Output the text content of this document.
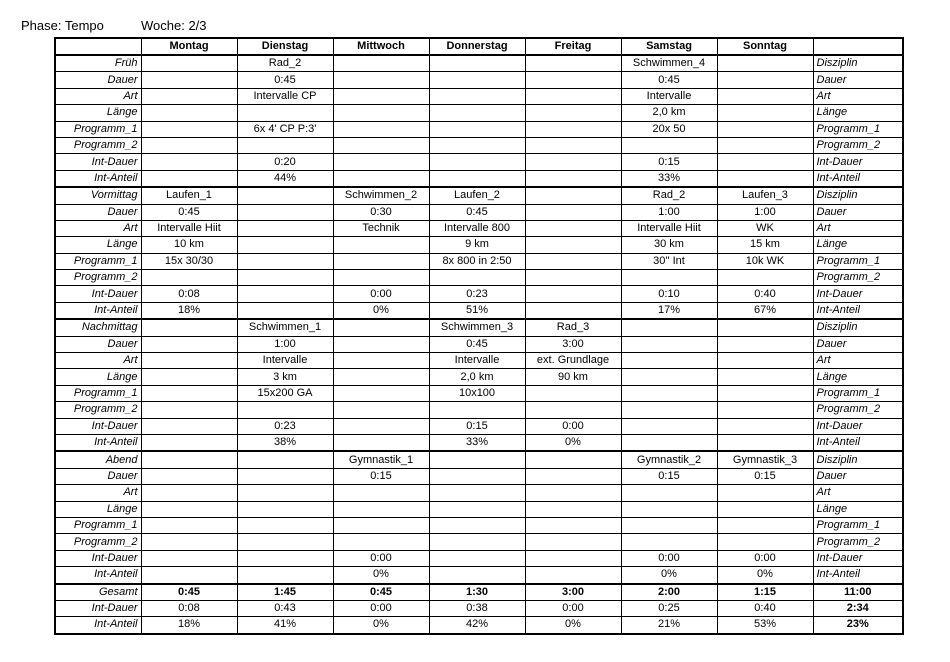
Phase: Tempo	Woche: 2/3
	Montag	Dienstag	Mittwoch	Donnerstag	Freitag	Samstag	Sonntag	
Früh		Rad_2				Schwimmen_4		Disziplin
Dauer		0:45				0:45		Dauer
Art		Intervalle CP				Intervalle		Art
Länge						2,0 km		Länge
Programm_1		6x 4' CP P:3'				20x 50		Programm_1
Programm_2								Programm_2
Int-Dauer		0:20				0:15		Int-Dauer
Int-Anteil		44%				33%		Int-Anteil
Vormittag	Laufen_1		Schwimmen_2	Laufen_2		Rad_2	Laufen_3	Disziplin
Dauer	0:45		0:30	0:45		1:00	1:00	Dauer
Art	Intervalle Hiit		Technik	Intervalle 800		Intervalle Hiit	WK	Art
Länge	10 km			9 km		30 km	15 km	Länge
Programm_1	15x 30/30			8x 800 in 2:50		30'' Int	10k WK	Programm_1
Programm_2								Programm_2
Int-Dauer	0:08		0:00	0:23		0:10	0:40	Int-Dauer
Int-Anteil	18%		0%	51%		17%	67%	Int-Anteil
Nachmittag		Schwimmen_1		Schwimmen_3	Rad_3			Disziplin
Dauer		1:00		0:45	3:00			Dauer
Art		Intervalle		Intervalle	ext. Grundlage			Art
Länge		3 km		2,0 km	90 km			Länge
Programm_1		15x200 GA		10x100				Programm_1
Programm_2								Programm_2
Int-Dauer		0:23		0:15	0:00			Int-Dauer
Int-Anteil		38%		33%	0%			Int-Anteil
Abend			Gymnastik_1			Gymnastik_2	Gymnastik_3	Disziplin
Dauer			0:15			0:15	0:15	Dauer
Art								Art
Länge								Länge
Programm_1								Programm_1
Programm_2								Programm_2
Int-Dauer			0:00			0:00	0:00	Int-Dauer
Int-Anteil			0%			0%	0%	Int-Anteil
Gesamt	0:45	1:45	0:45	1:30	3:00	2:00	1:15	11:00
Int-Dauer	0:08	0:43	0:00	0:38	0:00	0:25	0:40	2:34
Int-Anteil	18%	41%	0%	42%	0%	21%	53%	23%
